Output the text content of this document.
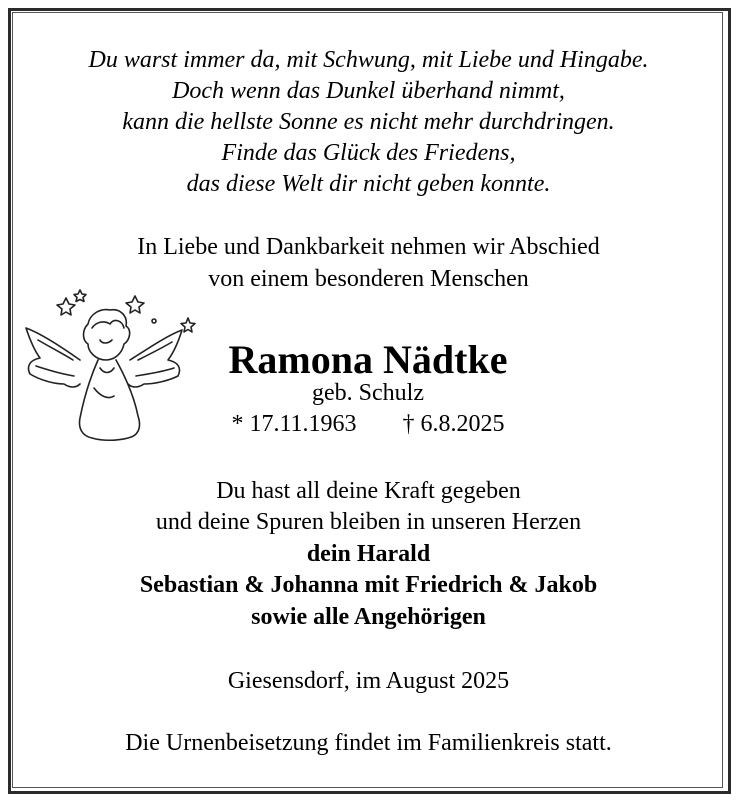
Du warst immer da, mit Schwung, mit Liebe und Hingabe.
Doch wenn das Dunkel überhand nimmt,
kann die hellste Sonne es nicht mehr durchdringen.
Finde das Glück des Friedens,
das diese Welt dir nicht geben konnte.
In Liebe und Dankbarkeit nehmen wir Abschied
von einem besonderen Menschen
Ramona Nädtke
geb. Schulz
* 17.11.1963 † 6.8.2025
Du hast all deine Kraft gegeben
und deine Spuren bleiben in unseren Herzen
dein Harald
Sebastian & Johanna mit Friedrich & Jakob
sowie alle Angehörigen
Giesensdorf, im August 2025
Die Urnenbeisetzung findet im Familienkreis statt.
